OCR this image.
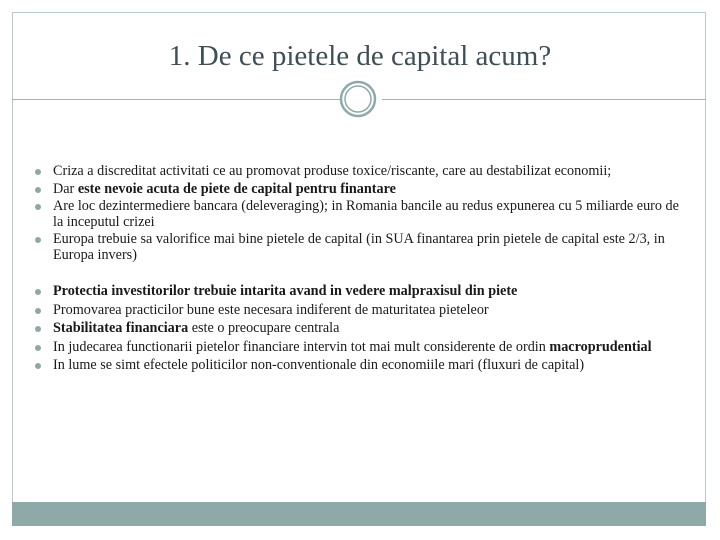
1. De ce pietele de capital acum?
Criza a discreditat activitati ce au promovat produse toxice/riscante, care au destabilizat economii;
Dar este nevoie acuta de piete de capital pentru finantare
Are loc dezintermediere bancara (deleveraging); in Romania bancile au redus expunerea cu 5 miliarde euro de la inceputul crizei
Europa trebuie sa valorifice mai bine pietele de capital (in SUA finantarea prin pietele de capital este 2/3, in Europa invers)
Protectia investitorilor trebuie intarita avand in vedere malpraxisul din piete
Promovarea practicilor bune este necesara indiferent de maturitatea pieteleor
Stabilitatea financiara este o preocupare centrala
In judecarea functionarii pietelor financiare intervin tot mai mult considerente de ordin macroprudential
In lume se simt efectele politicilor non-conventionale din economiile mari (fluxuri de capital)
